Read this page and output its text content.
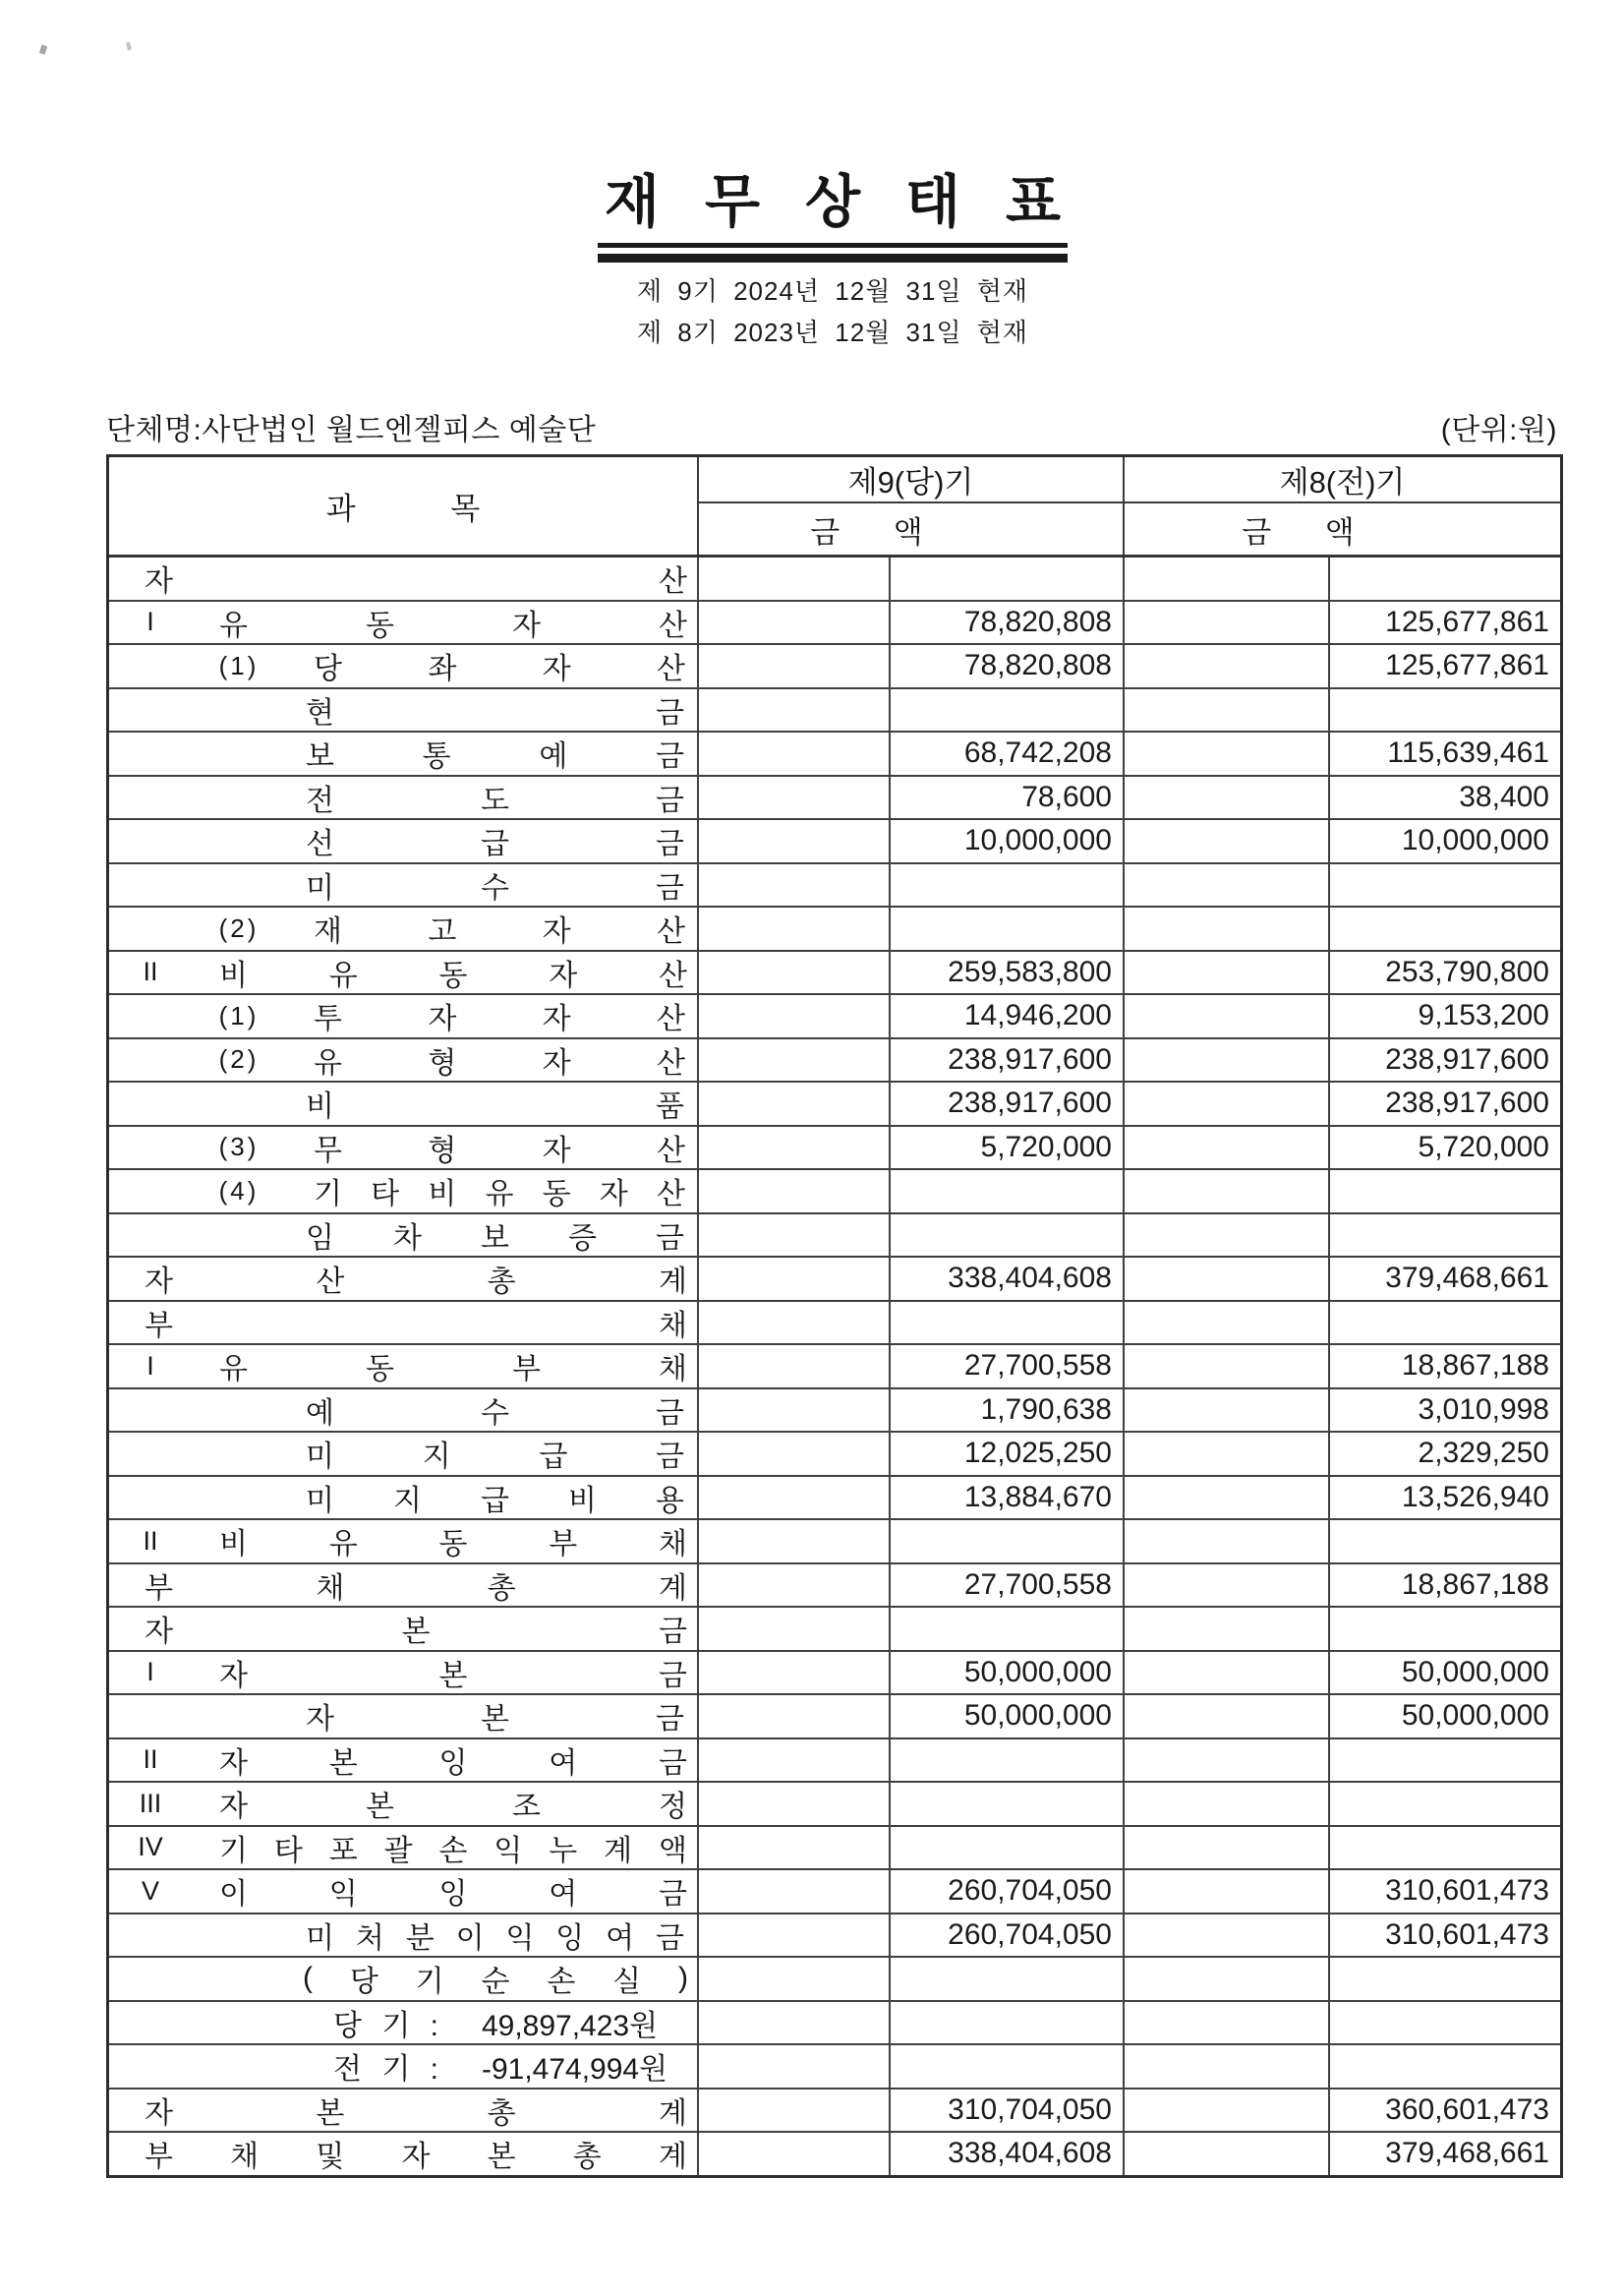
재 무 상 태 표
제 9기 2024년 12월 31일 현재
제 8기 2023년 12월 31일 현재
단체명:사단법인 월드엔젤피스 예술단	(단위:원)
과 목
제9(당)기	제8(전)기
금 액	금 액
자	산
I	유	동	자	산	78,820,808	125,677,861
(1)	당	좌	자	산	78,820,808	125,677,861
현	금
보	통	예	금	68,742,208	115,639,461
전	도	금	78,600	38,400
선	급	금	10,000,000	10,000,000
미	수	금
(2)	재	고	자	산
II	비	유	동	자	산	259,583,800	253,790,800
(1)	투	자	자	산	14,946,200	9,153,200
(2)	유	형	자	산	238,917,600	238,917,600
비	품	238,917,600	238,917,600
(3)	무	형	자	산	5,720,000	5,720,000
(4)	기 타 비 유 동 자 산
임 차 보 증 금
자	산	총	계	338,404,608	379,468,661
부	채
I	유	동	부	채	27,700,558	18,867,188
예	수	금	1,790,638	3,010,998
미	지	급	금	12,025,250	2,329,250
미 지 급 비 용	13,884,670	13,526,940
II	비	유	동	부	채
부	채	총	계	27,700,558	18,867,188
자	본	금
I	자	본	금	50,000,000	50,000,000
자	본	금	50,000,000	50,000,000
II	자	본	잉	여	금
III	자	본	조	정
IV	기 타 포 괄 손 익 누 계 액
V	이	익	잉	여	금	260,704,050	310,601,473
미 처 분 이 익 잉 여 금	260,704,050	310,601,473
( 당 기 순 손 실 )
당 기 : 49,897,423원
전 기 : -91,474,994원
자	본	총	계	310,704,050	360,601,473
부 채 및 자 본 총 계	338,404,608	379,468,661
